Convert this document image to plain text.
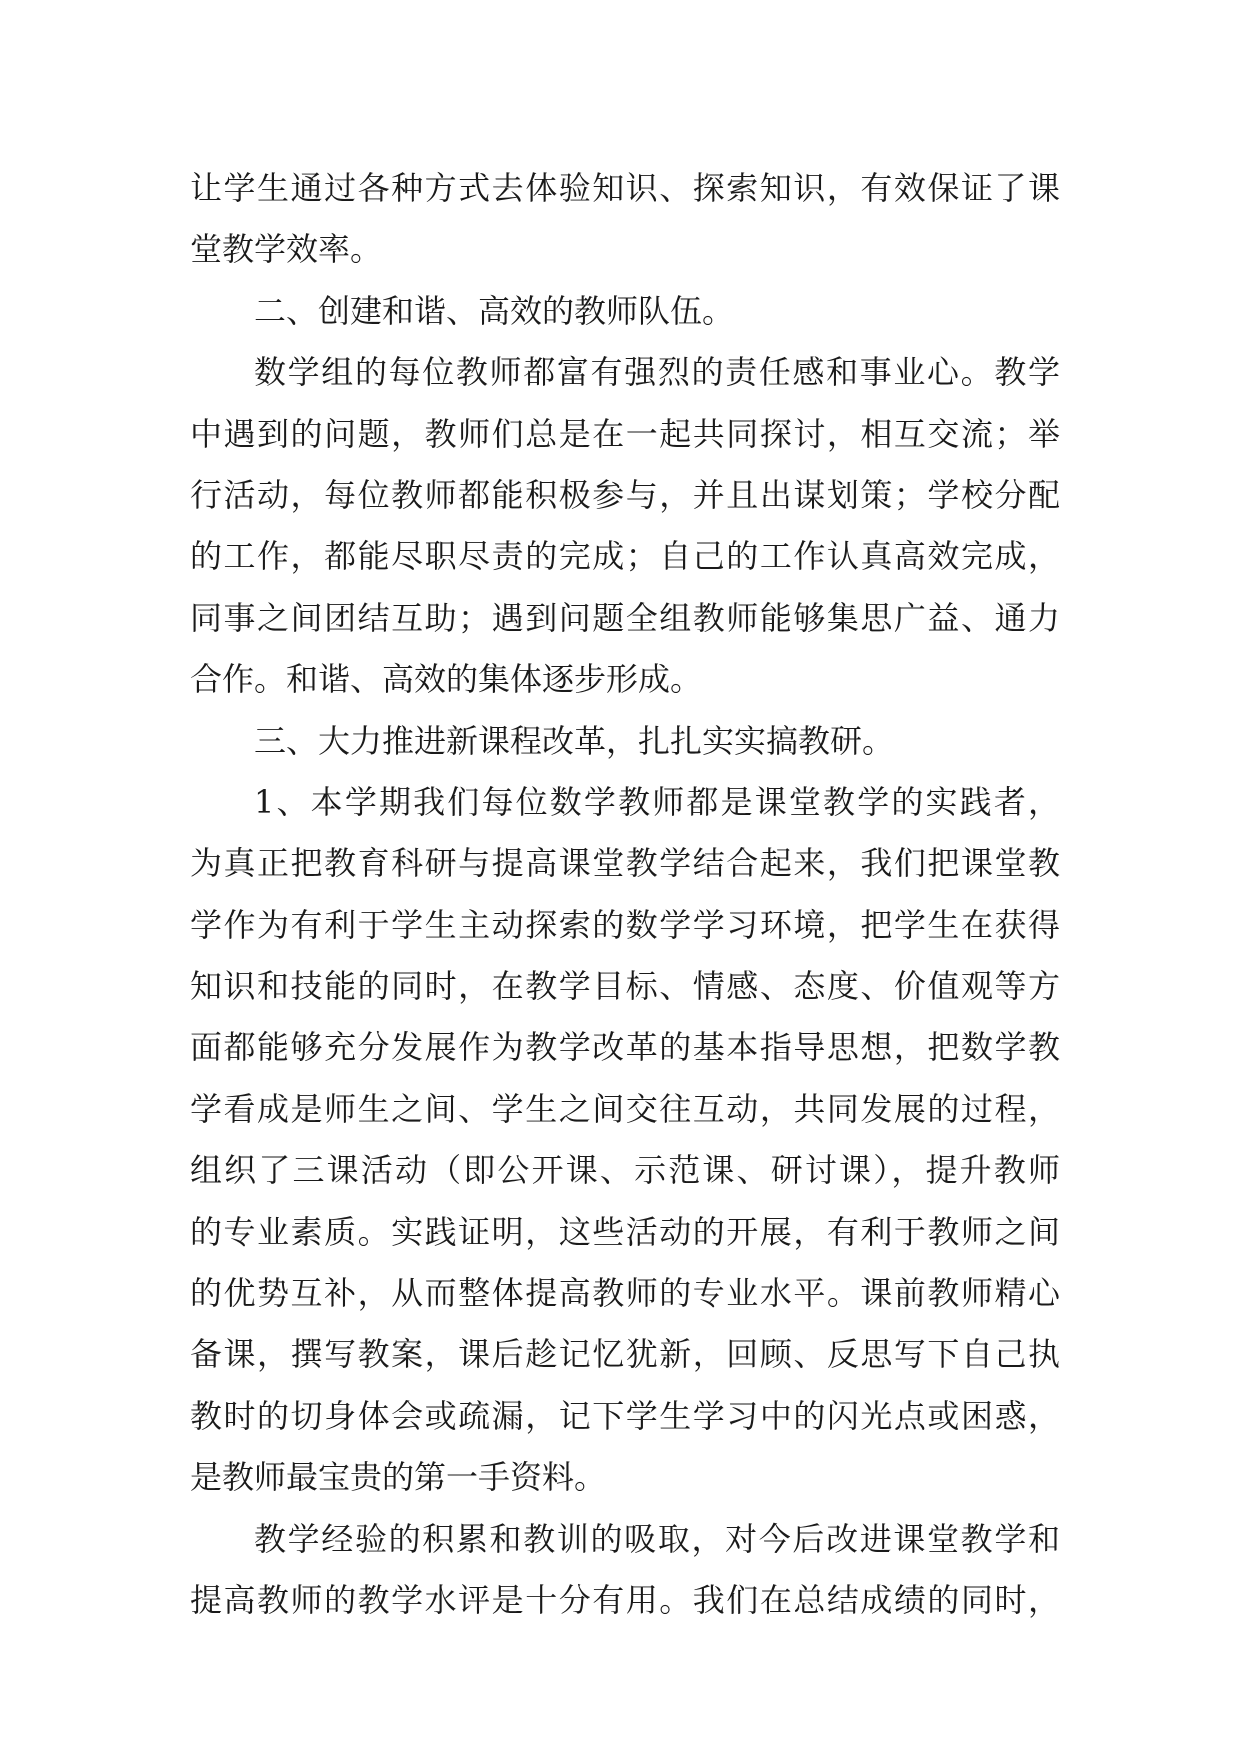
让学生通过各种方式去体验知识、探索知识，有效保证了课
堂教学效率。
二、创建和谐、高效的教师队伍。
数学组的每位教师都富有强烈的责任感和事业心。教学
中遇到的问题，教师们总是在一起共同探讨，相互交流；举
行活动，每位教师都能积极参与，并且出谋划策；学校分配
的工作，都能尽职尽责的完成；自己的工作认真高效完成，
同事之间团结互助；遇到问题全组教师能够集思广益、通力
合作。和谐、高效的集体逐步形成。
三、大力推进新课程改革，扎扎实实搞教研。
1、本学期我们每位数学教师都是课堂教学的实践者，
为真正把教育科研与提高课堂教学结合起来，我们把课堂教
学作为有利于学生主动探索的数学学习环境，把学生在获得
知识和技能的同时，在教学目标、情感、态度、价值观等方
面都能够充分发展作为教学改革的基本指导思想，把数学教
学看成是师生之间、学生之间交往互动，共同发展的过程，
组织了三课活动（即公开课、示范课、研讨课），提升教师
的专业素质。实践证明，这些活动的开展，有利于教师之间
的优势互补，从而整体提高教师的专业水平。课前教师精心
备课，撰写教案，课后趁记忆犹新，回顾、反思写下自己执
教时的切身体会或疏漏，记下学生学习中的闪光点或困惑，
是教师最宝贵的第一手资料。
教学经验的积累和教训的吸取，对今后改进课堂教学和
提高教师的教学水评是十分有用。我们在总结成绩的同时，
